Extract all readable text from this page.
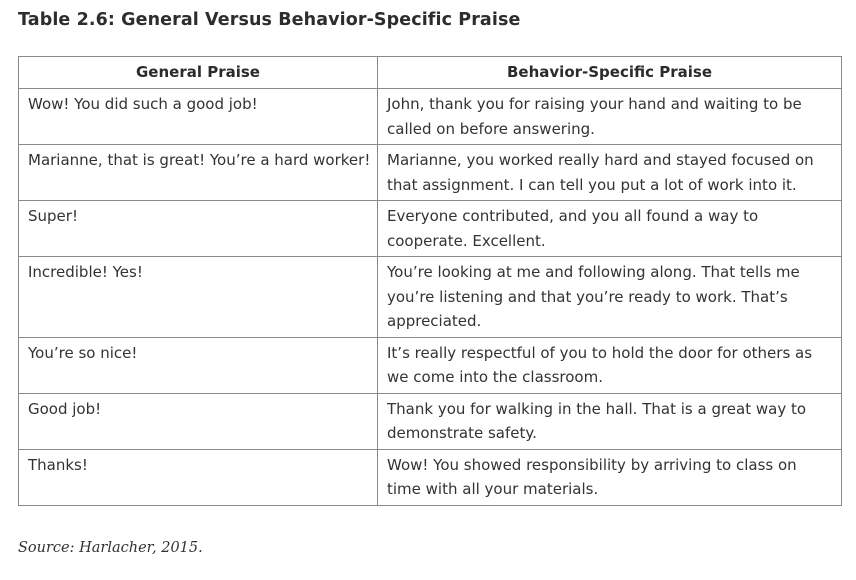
Table 2.6: General Versus Behavior-Specific Praise
General Praise	Behavior-Specific Praise
Wow! You did such a good job!	John, thank you for raising your hand and waiting to be called on before answering.
Marianne, that is great! You’re a hard worker!	Marianne, you worked really hard and stayed focused on that assignment. I can tell you put a lot of work into it.
Super!	Everyone contributed, and you all found a way to cooperate. Excellent.
Incredible! Yes!	You’re looking at me and following along. That tells me you’re listening and that you’re ready to work. That’s appreciated.
You’re so nice!	It’s really respectful of you to hold the door for others as we come into the classroom.
Good job!	Thank you for walking in the hall. That is a great way to demonstrate safety.
Thanks!	Wow! You showed responsibility by arriving to class on time with all your materials.
Source: Harlacher, 2015.
